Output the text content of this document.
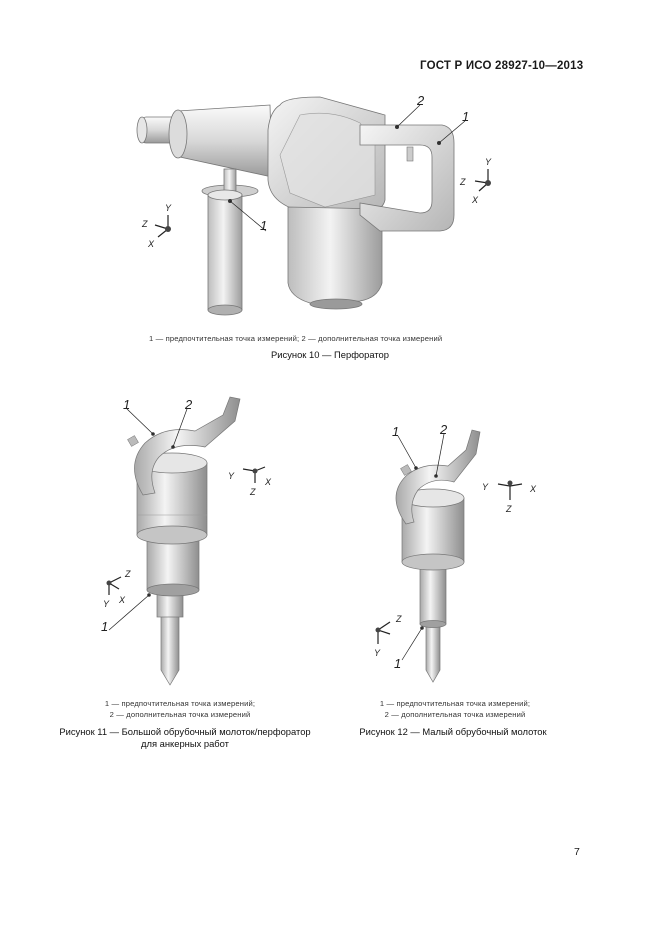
ГОСТ Р ИСО 28927-10—2013
1
2
1
Y
Z
X
Y
Z
X
1 — предпочтительная точка измерений; 2 — дополнительная точка измерений
Рисунок 10 — Перфоратор
1	2
1
Y
Z
X
Z
Y X
1 — предпочтительная точка измерений;
2 — дополнительная точка измерений
Рисунок 11 — Большой обрубочный молоток/перфоратор
для анкерных работ
1	2
1
Y	X
Z
Z
Y
1 — предпочтительная точка измерений;
2 — дополнительная точка измерений
Рисунок 12 — Малый обрубочный молоток
7
